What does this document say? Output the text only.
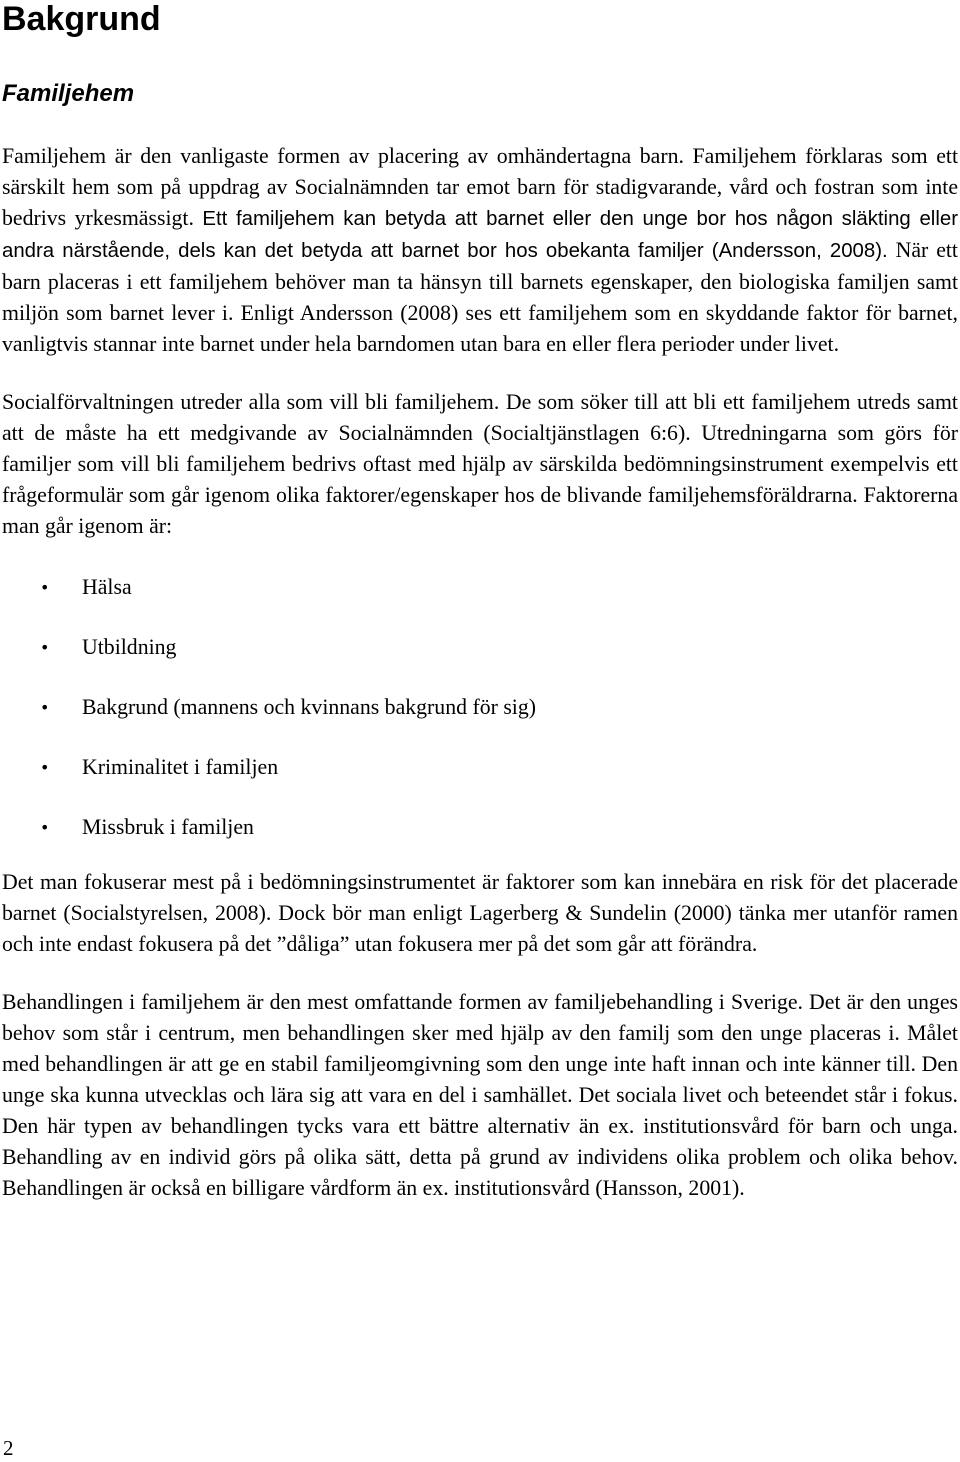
Bakgrund
Familjehem

Familjehem är den vanligaste formen av placering av omhändertagna barn. Familjehem förklaras som ett särskilt hem som på uppdrag av Socialnämnden tar emot barn för stadigvarande, vård och fostran som inte bedrivs yrkesmässigt. Ett familjehem kan betyda att barnet eller den unge bor hos någon släkting eller andra närstående, dels kan det betyda att barnet bor hos obekanta familjer (Andersson, 2008). När ett barn placeras i ett familjehem behöver man ta hänsyn till barnets egenskaper, den biologiska familjen samt miljön som barnet lever i. Enligt Andersson (2008) ses ett familjehem som en skyddande faktor för barnet, vanligtvis stannar inte barnet under hela barndomen utan bara en eller flera perioder under livet.

Socialförvaltningen utreder alla som vill bli familjehem. De som söker till att bli ett familjehem utreds samt att de måste ha ett medgivande av Socialnämnden (Socialtjänstlagen 6:6). Utredningarna som görs för familjer som vill bli familjehem bedrivs oftast med hjälp av särskilda bedömningsinstrument exempelvis ett frågeformulär som går igenom olika faktorer/egenskaper hos de blivande familjehemsföräldrarna. Faktorerna man går igenom är:

• Hälsa
• Utbildning
• Bakgrund (mannens och kvinnans bakgrund för sig)
• Kriminalitet i familjen
• Missbruk i familjen

Det man fokuserar mest på i bedömningsinstrumentet är faktorer som kan innebära en risk för det placerade barnet (Socialstyrelsen, 2008). Dock bör man enligt Lagerberg & Sundelin (2000) tänka mer utanför ramen och inte endast fokusera på det ”dåliga” utan fokusera mer på det som går att förändra.

Behandlingen i familjehem är den mest omfattande formen av familjebehandling i Sverige. Det är den unges behov som står i centrum, men behandlingen sker med hjälp av den familj som den unge placeras i. Målet med behandlingen är att ge en stabil familjeomgivning som den unge inte haft innan och inte känner till. Den unge ska kunna utvecklas och lära sig att vara en del i samhället. Det sociala livet och beteendet står i fokus. Den här typen av behandlingen tycks vara ett bättre alternativ än ex. institutionsvård för barn och unga. Behandling av en individ görs på olika sätt, detta på grund av individens olika problem och olika behov. Behandlingen är också en billigare vårdform än ex. institutionsvård (Hansson, 2001).

2
